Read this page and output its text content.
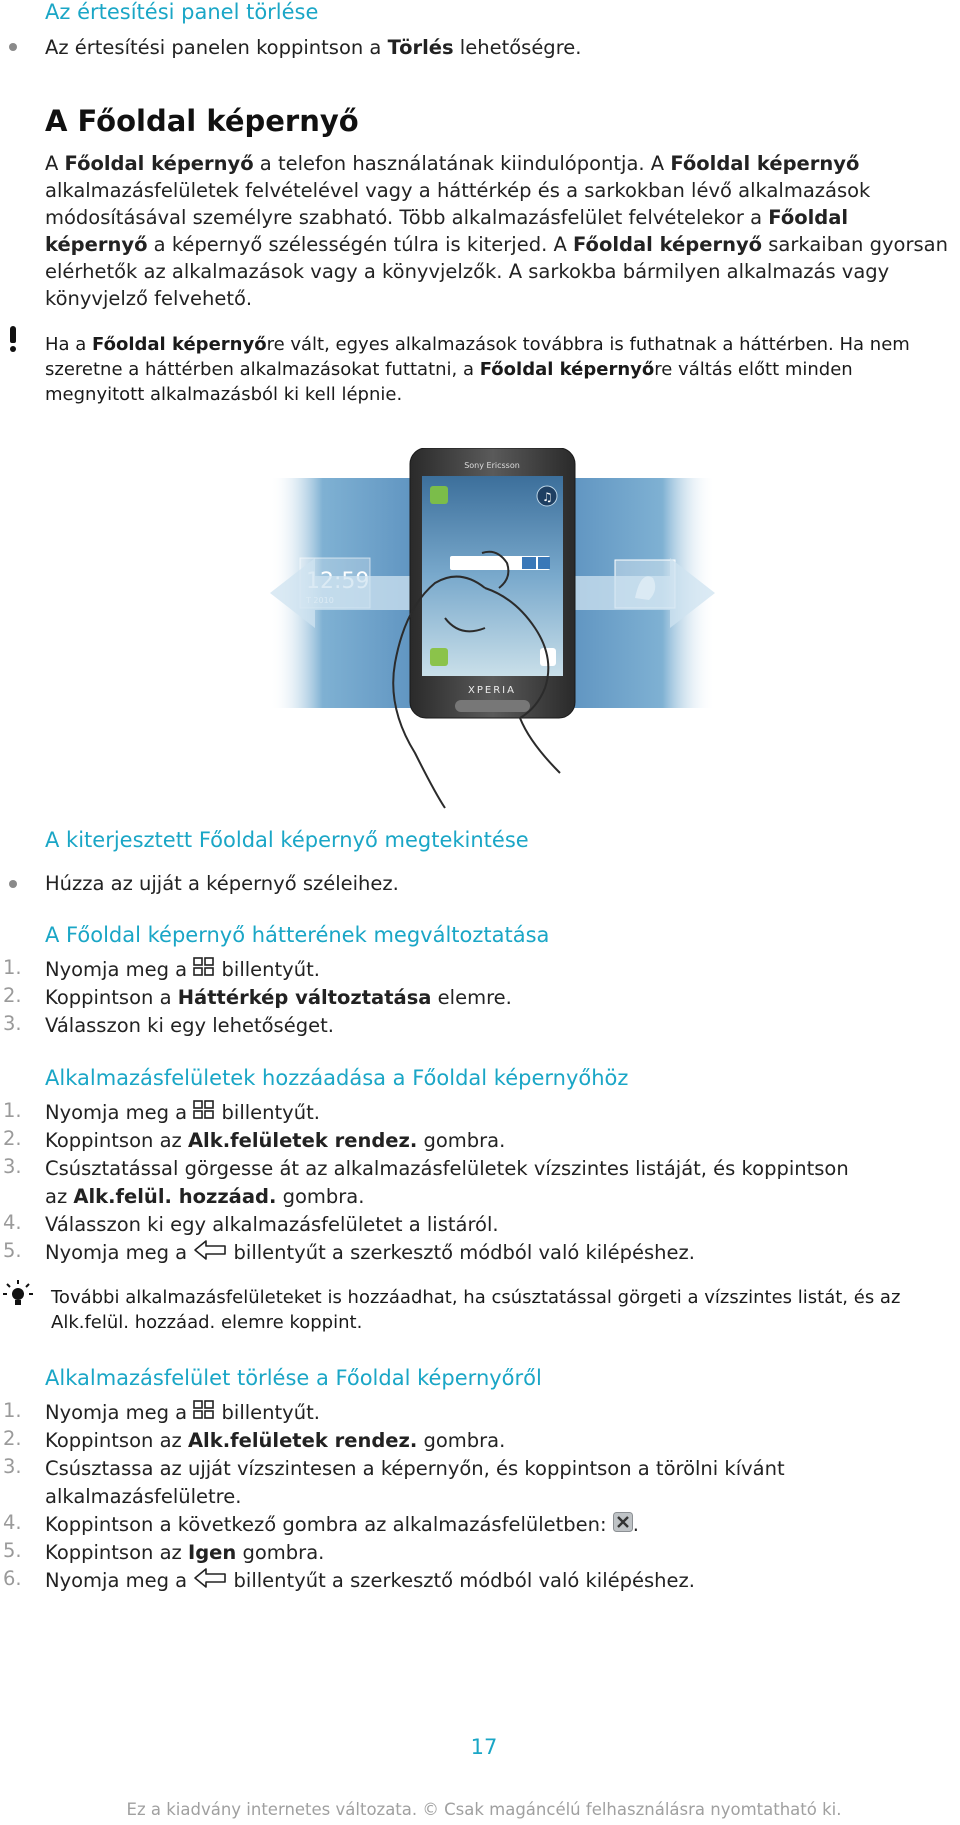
Az értesítési panel törlése
Az értesítési panelen koppintson a Törlés lehetőségre.
A Főoldal képernyő
A Főoldal képernyő a telefon használatának kiindulópontja. A Főoldal képernyő alkalmazásfelületek felvételével vagy a háttérkép és a sarkokban lévő alkalmazások módosításával személyre szabható. Több alkalmazásfelület felvételekor a Főoldal képernyő a képernyő szélességén túlra is kiterjed. A Főoldal képernyő sarkaiban gyorsan elérhetők az alkalmazások vagy a könyvjelzők. A sarkokba bármilyen alkalmazás vagy könyvjelző felvehető.
Ha a Főoldal képernyőre vált, egyes alkalmazások továbbra is futhatnak a háttérben. Ha nem szeretne a háttérben alkalmazásokat futtatni, a Főoldal képernyőre váltás előtt minden megnyitott alkalmazásból ki kell lépnie.
Sony Ericsson
♫
XPERIA
A kiterjesztett Főoldal képernyő megtekintése
Húzza az ujját a képernyő széleihez.
A Főoldal képernyő hátterének megváltoztatása
1. Nyomja meg a  billentyűt.
2. Koppintson a Háttérkép változtatása elemre.
3. Válasszon ki egy lehetőséget.
Alkalmazásfelületek hozzáadása a Főoldal képernyőhöz
1. Nyomja meg a  billentyűt.
2. Koppintson az Alk.felületek rendez. gombra.
3. Csúsztatással görgesse át az alkalmazásfelületek vízszintes listáját, és koppintson
az Alk.felül. hozzáad. gombra.
4. Válasszon ki egy alkalmazásfelületet a listáról.
5. Nyomja meg a  billentyűt a szerkesztő módból való kilépéshez.
További alkalmazásfelületeket is hozzáadhat, ha csúsztatással görgeti a vízszintes listát, és az
Alk.felül. hozzáad. elemre koppint.
Alkalmazásfelület törlése a Főoldal képernyőről
1. Nyomja meg a  billentyűt.
2. Koppintson az Alk.felületek rendez. gombra.
3. Csúsztassa az ujját vízszintesen a képernyőn, és koppintson a törölni kívánt
alkalmazásfelületre.
4. Koppintson a következő gombra az alkalmazásfelületben: .
5. Koppintson az Igen gombra.
6. Nyomja meg a  billentyűt a szerkesztő módból való kilépéshez.
17
Ez a kiadvány internetes változata. © Csak magáncélú felhasználásra nyomtatható ki.
